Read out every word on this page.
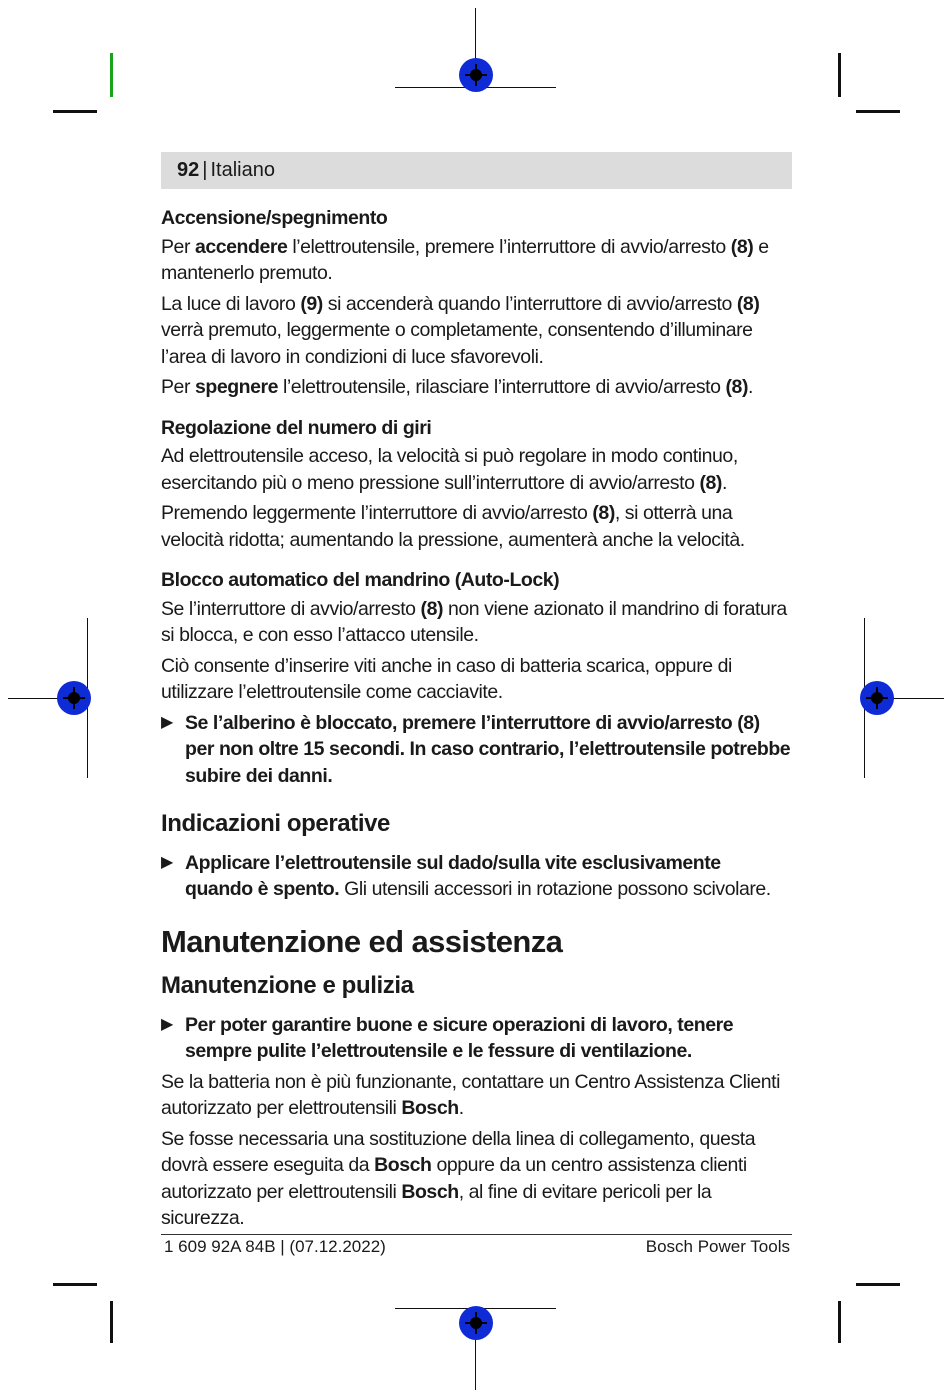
92 | Italiano
Accensione/spegnimento

Per accendere l’elettroutensile, premere l’interruttore di avvio/arresto (8) e mantenerlo premuto.

La luce di lavoro (9) si accenderà quando l’interruttore di avvio/arresto (8) verrà premuto, leggermente o completamente, consentendo d’illuminare l’area di lavoro in condizioni di luce sfavorevoli.

Per spegnere l’elettroutensile, rilasciare l’interruttore di avvio/arresto (8).

Regolazione del numero di giri

Ad elettroutensile acceso, la velocità si può regolare in modo continuo, esercitando più o meno pressione sull’interruttore di avvio/arresto (8).

Premendo leggermente l’interruttore di avvio/arresto (8), si otterrà una velocità ridotta; aumentando la pressione, aumenterà anche la velocità.

Blocco automatico del mandrino (Auto-Lock)

Se l’interruttore di avvio/arresto (8) non viene azionato il mandrino di foratura si blocca, e con esso l’attacco utensile.

Ciò consente d’inserire viti anche in caso di batteria scarica, oppure di utilizzare l’elettroutensile come cacciavite.

▶ Se l’alberino è bloccato, premere l’interruttore di avvio/arresto (8) per non oltre 15 secondi. In caso contrario, l’elettroutensile potrebbe subire dei danni.
Indicazioni operative
▶ Applicare l’elettroutensile sul dado/sulla vite esclusivamente quando è spento. Gli utensili accessori in rotazione possono scivolare.
Manutenzione ed assistenza
Manutenzione e pulizia
▶ Per poter garantire buone e sicure operazioni di lavoro, tenere sempre pulite l’elettroutensile e le fessure di ventilazione.

Se la batteria non è più funzionante, contattare un Centro Assistenza Clienti autorizzato per elettroutensili Bosch.

Se fosse necessaria una sostituzione della linea di collegamento, questa dovrà essere eseguita da Bosch oppure da un centro assistenza clienti autorizzato per elettroutensili Bosch, al fine di evitare pericoli per la sicurezza.

1 609 92A 84B | (07.12.2022)	Bosch Power Tools
